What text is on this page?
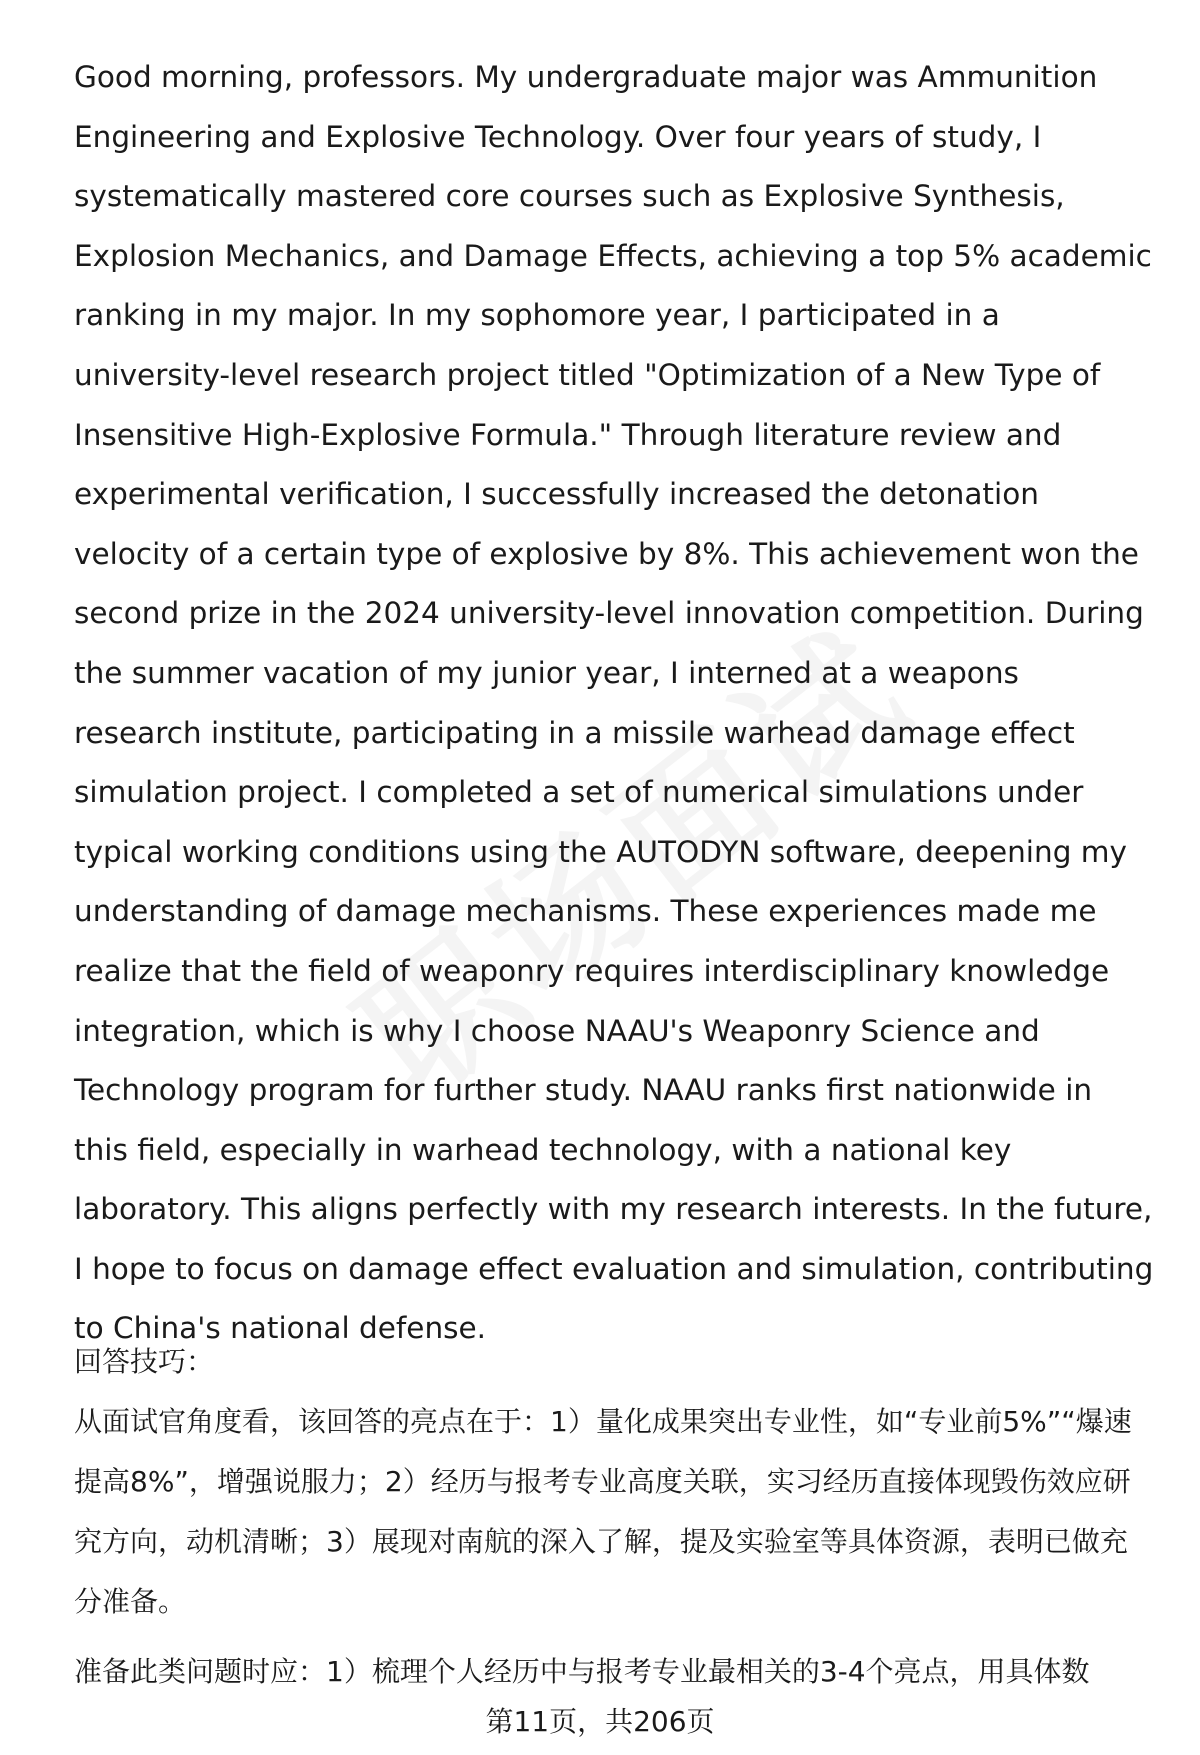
Good morning, professors. My undergraduate major was Ammunition Engineering and Explosive Technology. Over four years of study, I systematically mastered core courses such as Explosive Synthesis, Explosion Mechanics, and Damage Effects, achieving a top 5% academic ranking in my major. In my sophomore year, I participated in a university-level research project titled "Optimization of a New Type of Insensitive High-Explosive Formula." Through literature review and experimental verification, I successfully increased the detonation velocity of a certain type of explosive by 8%. This achievement won the second prize in the 2024 university-level innovation competition. During the summer vacation of my junior year, I interned at a weapons research institute, participating in a missile warhead damage effect simulation project. I completed a set of numerical simulations under typical working conditions using the AUTODYN software, deepening my understanding of damage mechanisms. These experiences made me realize that the field of weaponry requires interdisciplinary knowledge integration, which is why I choose NAAU's Weaponry Science and Technology program for further study. NAAU ranks first nationwide in this field, especially in warhead technology, with a national key laboratory. This aligns perfectly with my research interests. In the future, I hope to focus on damage effect evaluation and simulation, contributing to China's national defense.

回答技巧：

从面试官角度看，该回答的亮点在于：1）量化成果突出专业性，如“专业前5%”“爆速提高8%”，增强说服力；2）经历与报考专业高度关联，实习经历直接体现毁伤效应研究方向，动机清晰；3）展现对南航的深入了解，提及实验室等具体资源，表明已做充分准备。

准备此类问题时应：1）梳理个人经历中与报考专业最相关的3-4个亮点，用具体数
第11页，共206页
